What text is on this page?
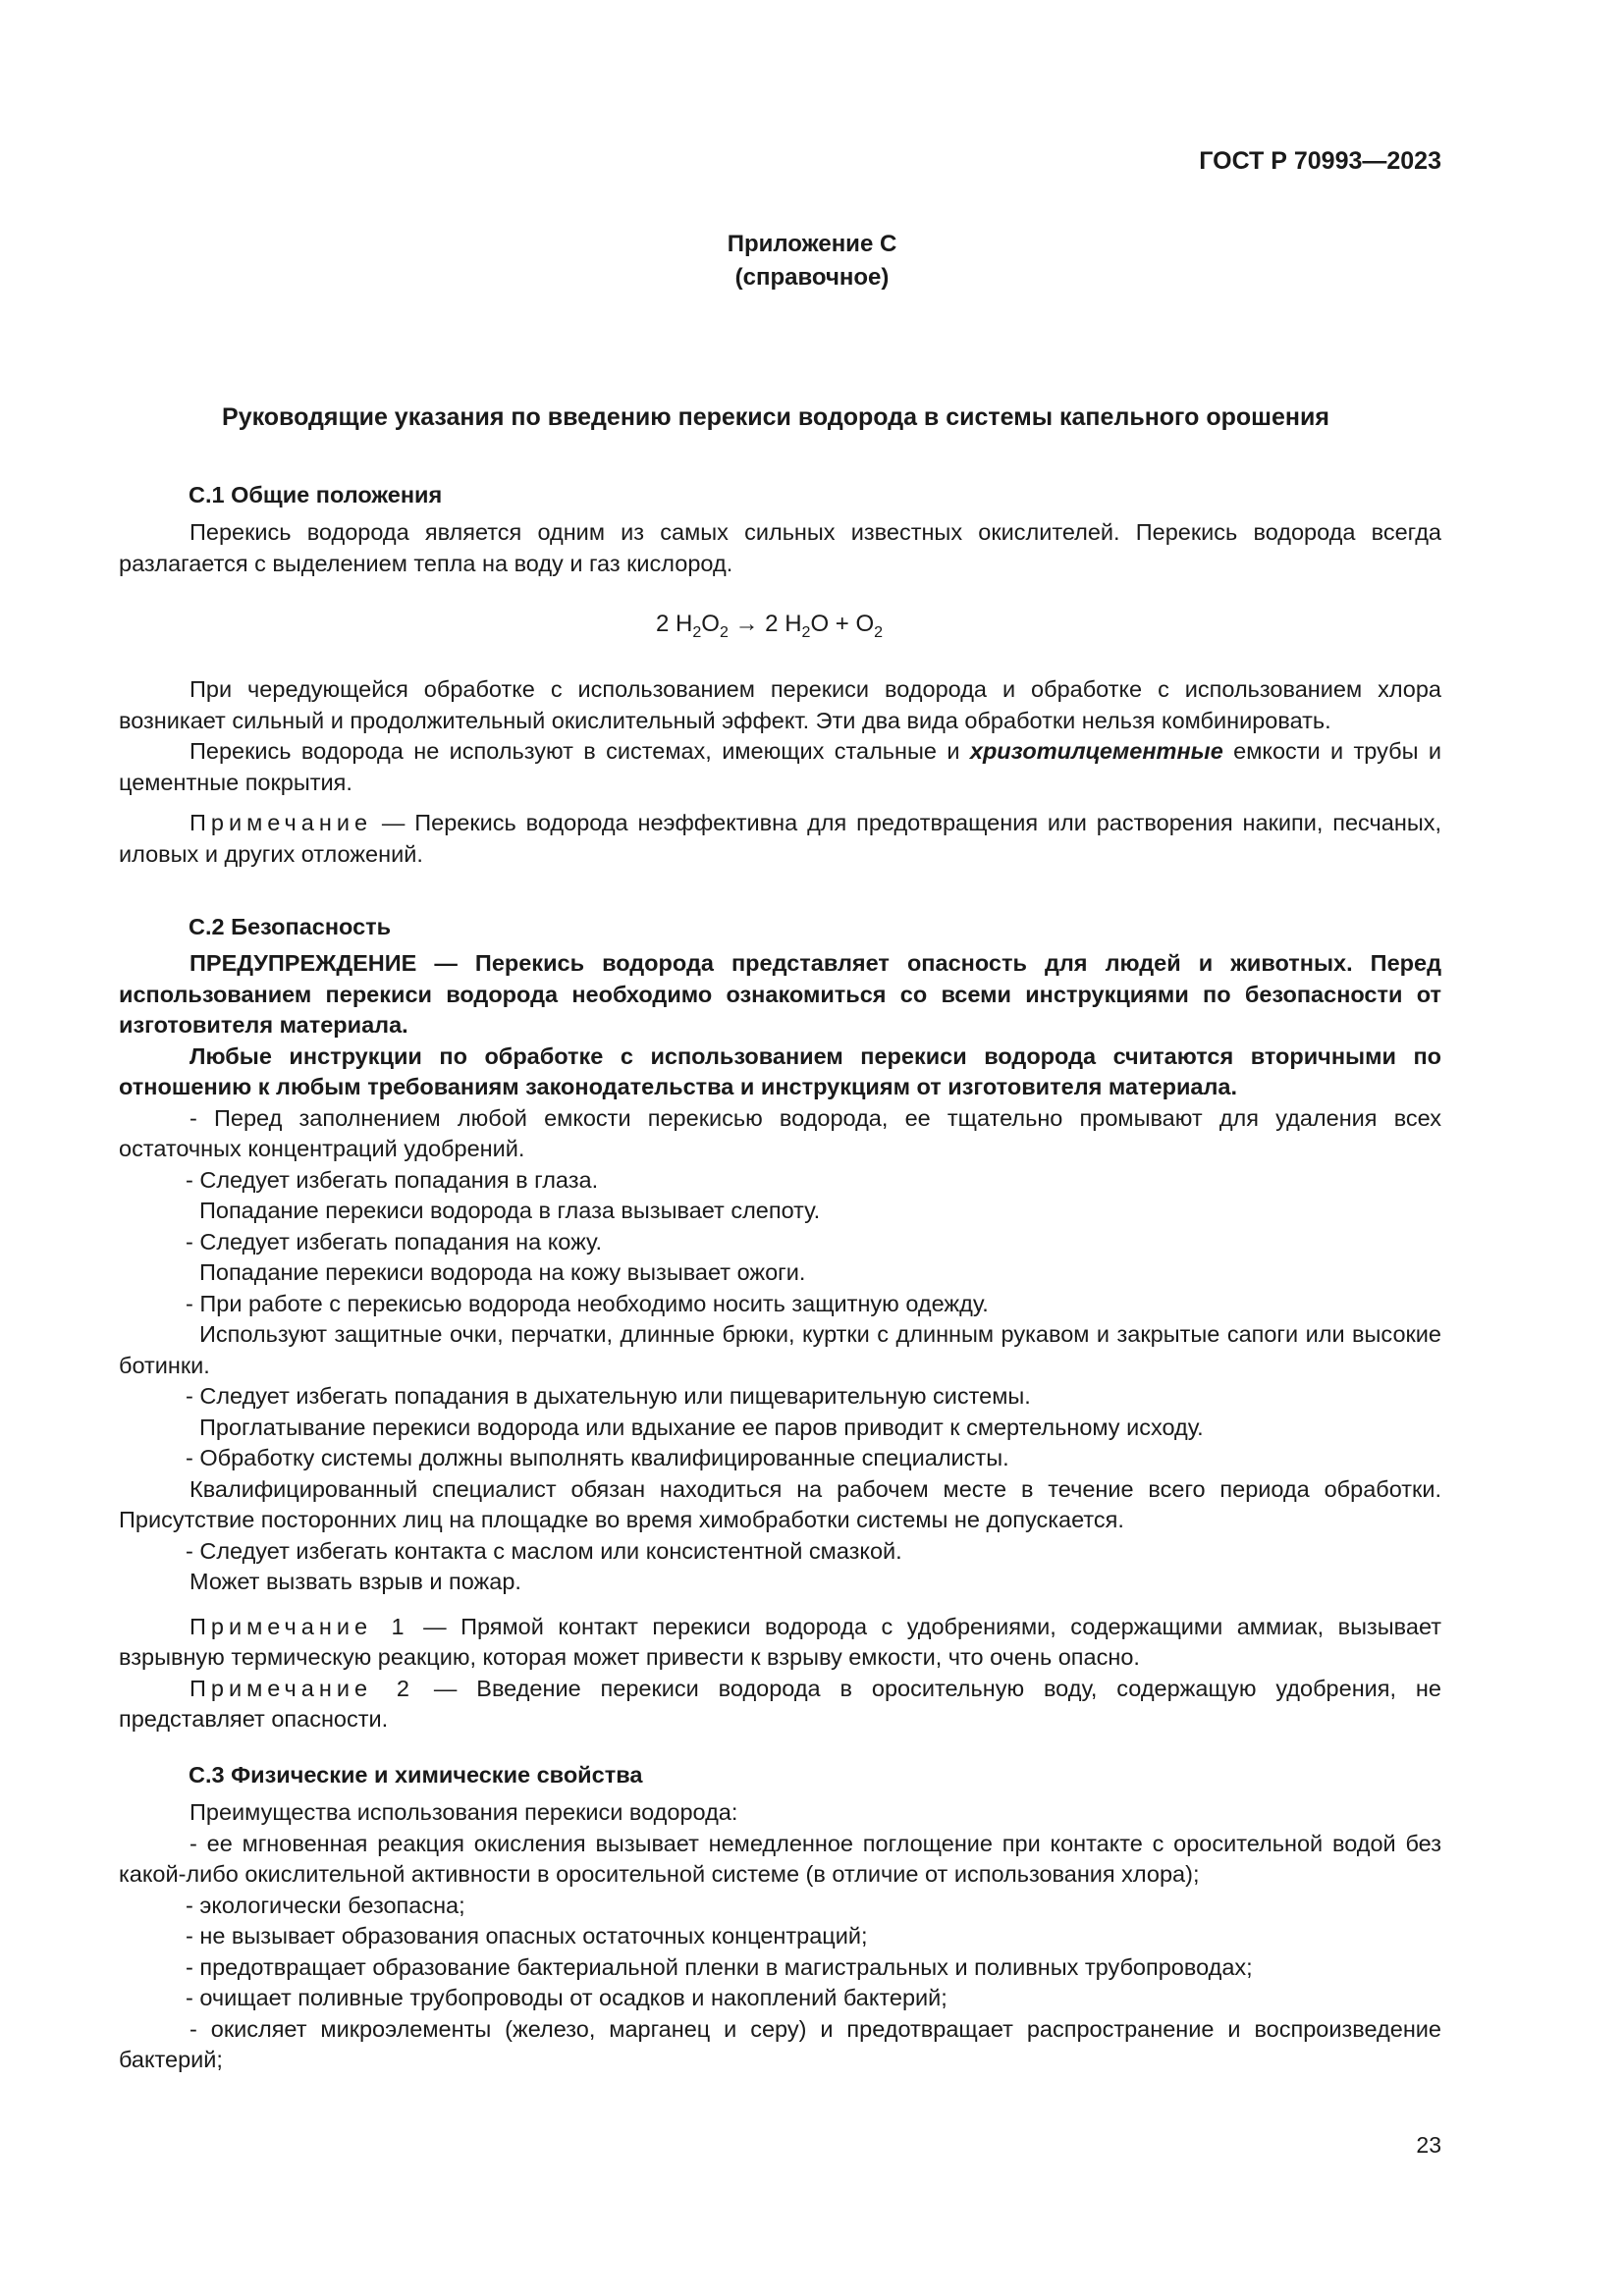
ГОСТ Р 70993—2023
Приложение С
(справочное)
Руководящие указания по введению перекиси водорода в системы капельного орошения
С.1 Общие положения

Перекись водорода является одним из самых сильных известных окислителей. Перекись водорода всегда разлагается с выделением тепла на воду и газ кислород.

2 $H_2O_2 \to 2$ $H_2O + O_2$

При чередующейся обработке с использованием перекиси водорода и обработке с использованием хлора возникает сильный и продолжительный окислительный эффект. Эти два вида обработки нельзя комбинировать.

Перекись водорода не используют в системах, имеющих стальные и хризотилцементные емкости и трубы и цементные покрытия.

Примечание — Перекись водорода неэффективна для предотвращения или растворения накипи, песчаных, иловых и других отложений.

С.2 Безопасность

ПРЕДУПРЕЖДЕНИЕ — Перекись водорода представляет опасность для людей и животных. Перед использованием перекиси водорода необходимо ознакомиться со всеми инструкциями по безопасности от изготовителя материала.

Любые инструкции по обработке с использованием перекиси водорода считаются вторичными по отношению к любым требованиям законодательства и инструкциям от изготовителя материала.

- Перед заполнением любой емкости перекисью водорода, ее тщательно промывают для удаления всех остаточных концентраций удобрений.

- Следует избегать попадания в глаза.

Попадание перекиси водорода в глаза вызывает слепоту.

- Следует избегать попадания на кожу.

Попадание перекиси водорода на кожу вызывает ожоги.

- При работе с перекисью водорода необходимо носить защитную одежду.

Используют защитные очки, перчатки, длинные брюки, куртки с длинным рукавом и закрытые сапоги или высокие ботинки.

- Следует избегать попадания в дыхательную или пищеварительную системы.

Проглатывание перекиси водорода или вдыхание ее паров приводит к смертельному исходу.

- Обработку системы должны выполнять квалифицированные специалисты.

Квалифицированный специалист обязан находиться на рабочем месте в течение всего периода обработки. Присутствие посторонних лиц на площадке во время химобработки системы не допускается.

- Следует избегать контакта с маслом или консистентной смазкой.

Может вызвать взрыв и пожар.

Примечание 1 — Прямой контакт перекиси водорода с удобрениями, содержащими аммиак, вызывает взрывную термическую реакцию, которая может привести к взрыву емкости, что очень опасно.

Примечание 2 — Введение перекиси водорода в оросительную воду, содержащую удобрения, не представляет опасности.

С.3 Физические и химические свойства

Преимущества использования перекиси водорода:

- ее мгновенная реакция окисления вызывает немедленное поглощение при контакте с оросительной водой без какой-либо окислительной активности в оросительной системе (в отличие от использования хлора);

- экологически безопасна;

- не вызывает образования опасных остаточных концентраций;

- предотвращает образование бактериальной пленки в магистральных и поливных трубопроводах;

- очищает поливные трубопроводы от осадков и накоплений бактерий;

- окисляет микроэлементы (железо, марганец и серу) и предотвращает распространение и воспроизведение бактерий;

23
